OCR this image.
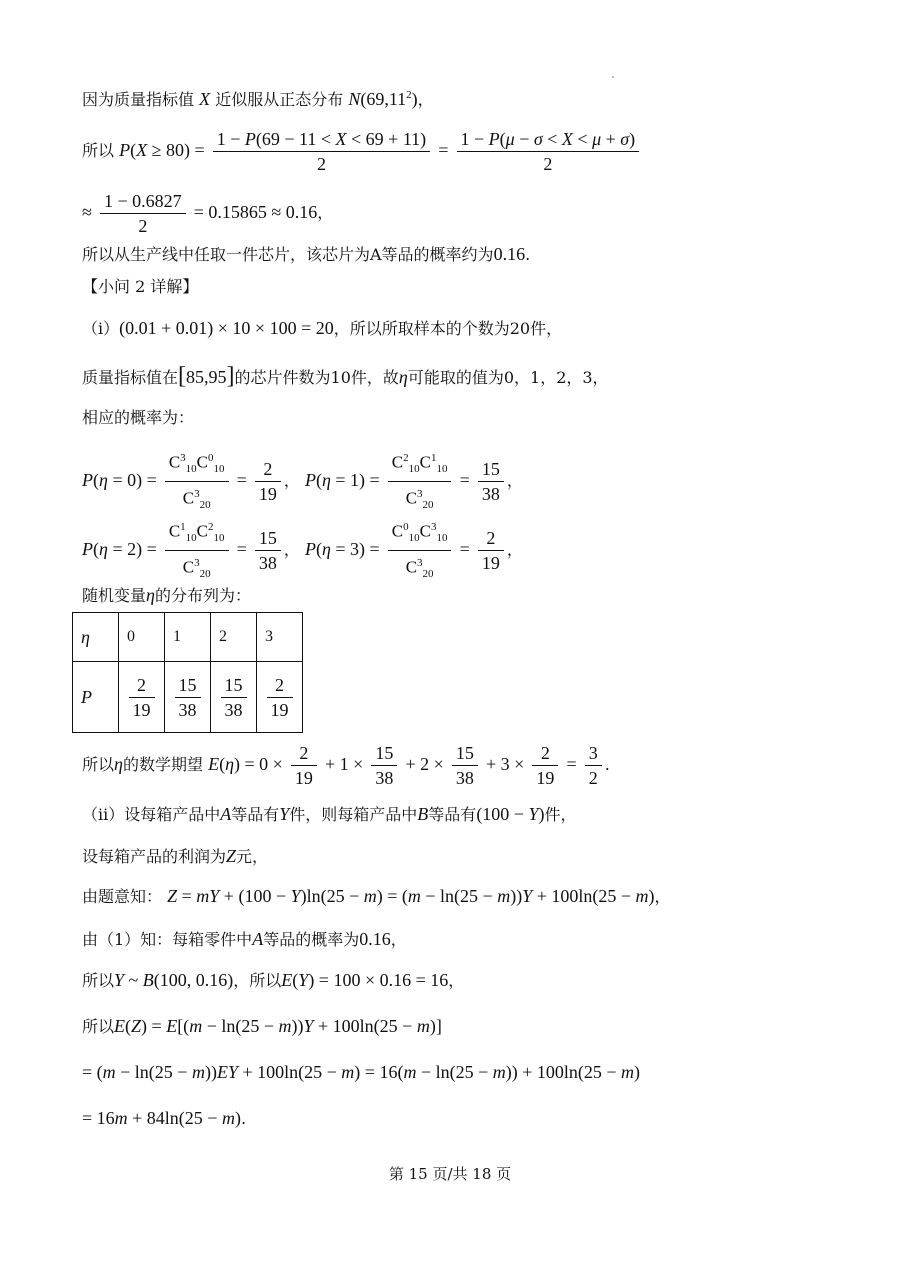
因为质量指标值 X 近似服从正态分布 N(69,11$^2$)，
所以 $P(X \ge 80) = \frac{1 - P(69 - 11 < X < 69 + 11)}{2} = \frac{1 - P(\mu - \sigma < X < \mu + \sigma)}{2}$
≈ $\frac{1 - 0.6827}{2} = 0.15865 \approx 0.16$，
所以从生产线中任取一件芯片，该芯片为A等品的概率约为0.16.
【小问 2 详解】
（i）(0.01 + 0.01) × 10 × 100 = 20，所以所取样本的个数为20件，
质量指标值在[85,95]的芯片件数为10件，故η可能取的值为0，1，2，3，
相应的概率为：
$P(\eta = 0) = \frac{C^3_{10}C^0_{10}}{C^3_{20}} = \frac{2}{19}$ ， $P(\eta = 1) = \frac{C^2_{10}C^1_{10}}{C^3_{20}} = \frac{15}{38}$ ，
$P(\eta = 2) = \frac{C^1_{10}C^2_{10}}{C^3_{20}} = \frac{15}{38}$ ， $P(\eta = 3) = \frac{C^0_{10}C^3_{10}}{C^3_{20}} = \frac{2}{19}$ ，
随机变量η的分布列为：
η	0	1	2	3
P	$\frac{2}{19}$	$\frac{15}{38}$	$\frac{15}{38}$	$\frac{2}{19}$
所以η的数学期望 $E(\eta) = 0 \times \frac{2}{19} + 1 \times \frac{15}{38} + 2 \times \frac{15}{38} + 3 \times \frac{2}{19} = \frac{3}{2}$ .
（ii）设每箱产品中A等品有Y件，则每箱产品中B等品有(100 − Y)件，
设每箱产品的利润为Z元，
由题意知： Z = mY + (100 − Y)ln(25 − m) = (m − ln(25 − m))Y + 100ln(25 − m)，
由（1）知：每箱零件中A等品的概率为0.16，
所以Y ~ B(100, 0.16)，所以E(Y) = 100 × 0.16 = 16，
所以E(Z) = E[(m − ln(25 − m))Y + 100ln(25 − m)]
= (m − ln(25 − m))EY + 100ln(25 − m) = 16(m − ln(25 − m)) + 100ln(25 − m)
= 16m + 84ln(25 − m).
第 15 页/共 18 页
